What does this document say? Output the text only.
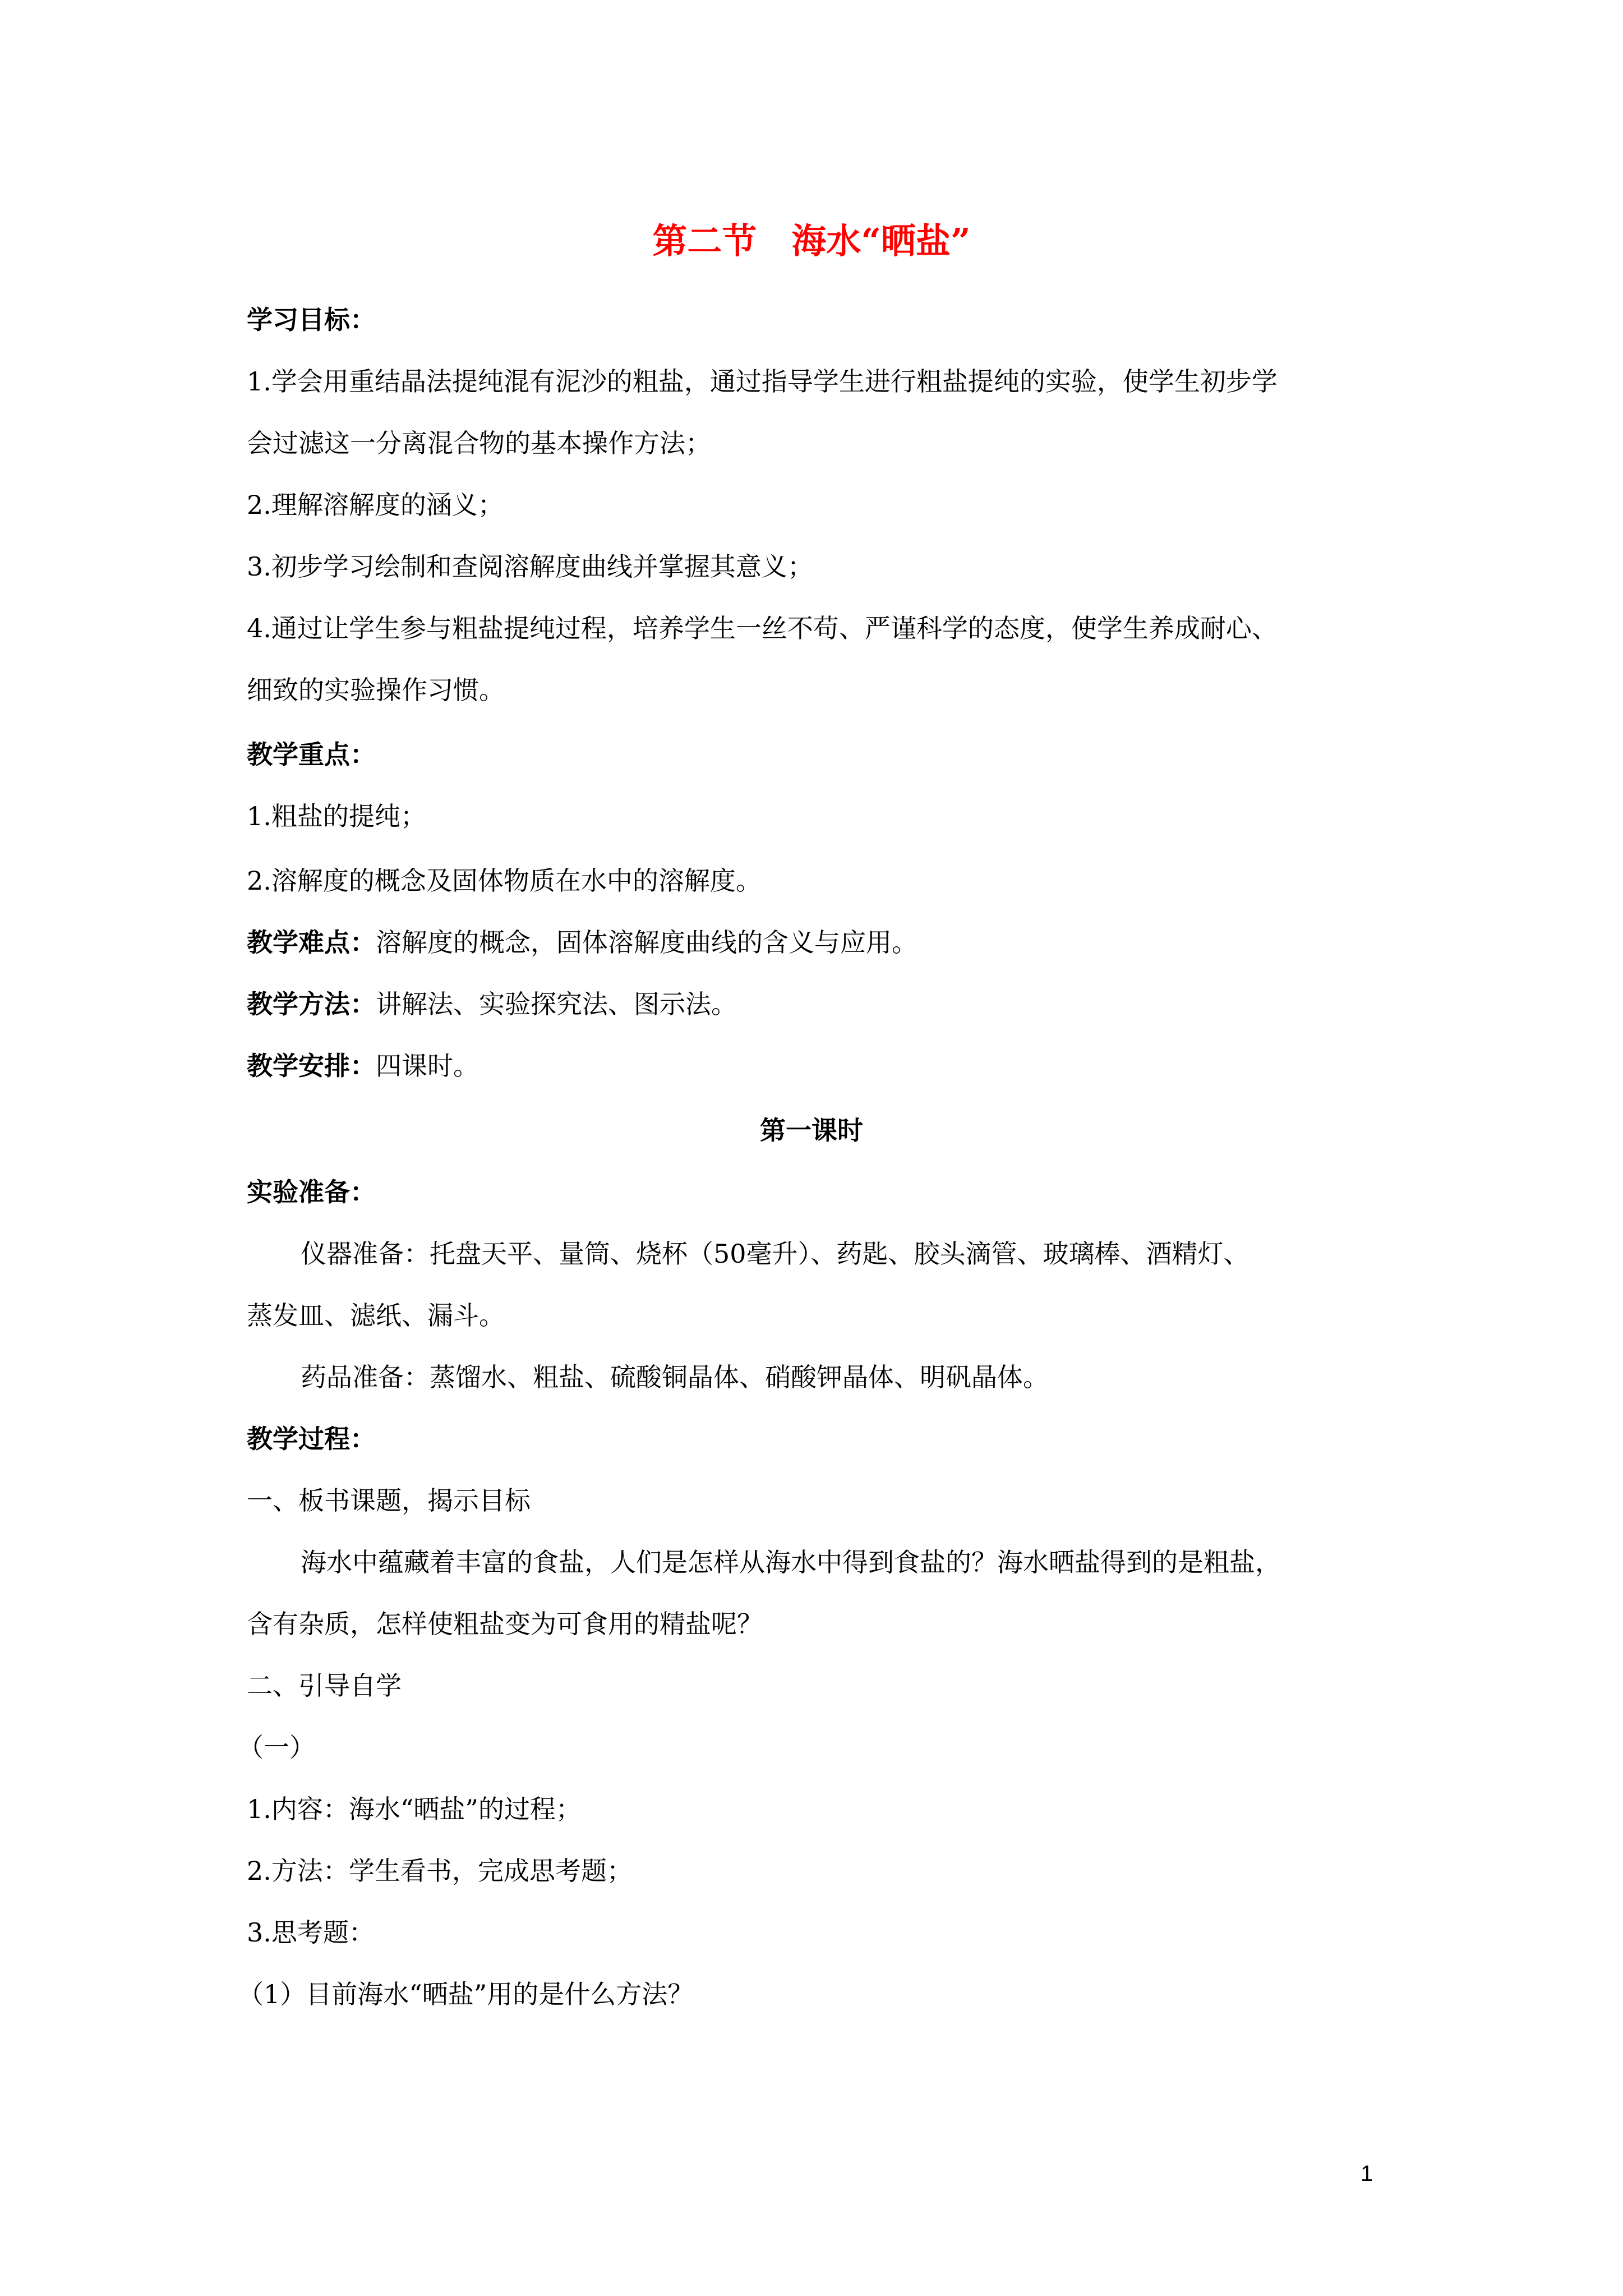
第二节　海水“晒盐”
学习目标：
1.学会用重结晶法提纯混有泥沙的粗盐，通过指导学生进行粗盐提纯的实验，使学生初步学
会过滤这一分离混合物的基本操作方法；
2.理解溶解度的涵义；
3.初步学习绘制和查阅溶解度曲线并掌握其意义；
4.通过让学生参与粗盐提纯过程，培养学生一丝不苟、严谨科学的态度，使学生养成耐心、
细致的实验操作习惯。
教学重点：
1.粗盐的提纯；
2.溶解度的概念及固体物质在水中的溶解度。
教学难点：溶解度的概念，固体溶解度曲线的含义与应用。
教学方法：讲解法、实验探究法、图示法。
教学安排：四课时。
第一课时
实验准备：
仪器准备：托盘天平、量筒、烧杯（50毫升）、药匙、胶头滴管、玻璃棒、酒精灯、
蒸发皿、滤纸、漏斗。
药品准备：蒸馏水、粗盐、硫酸铜晶体、硝酸钾晶体、明矾晶体。
教学过程：
一、板书课题，揭示目标
海水中蕴藏着丰富的食盐，人们是怎样从海水中得到食盐的？海水晒盐得到的是粗盐，
含有杂质，怎样使粗盐变为可食用的精盐呢？
二、引导自学
（一）
1.内容：海水“晒盐”的过程；
2.方法：学生看书，完成思考题；
3.思考题：
（1）目前海水“晒盐”用的是什么方法？
1
